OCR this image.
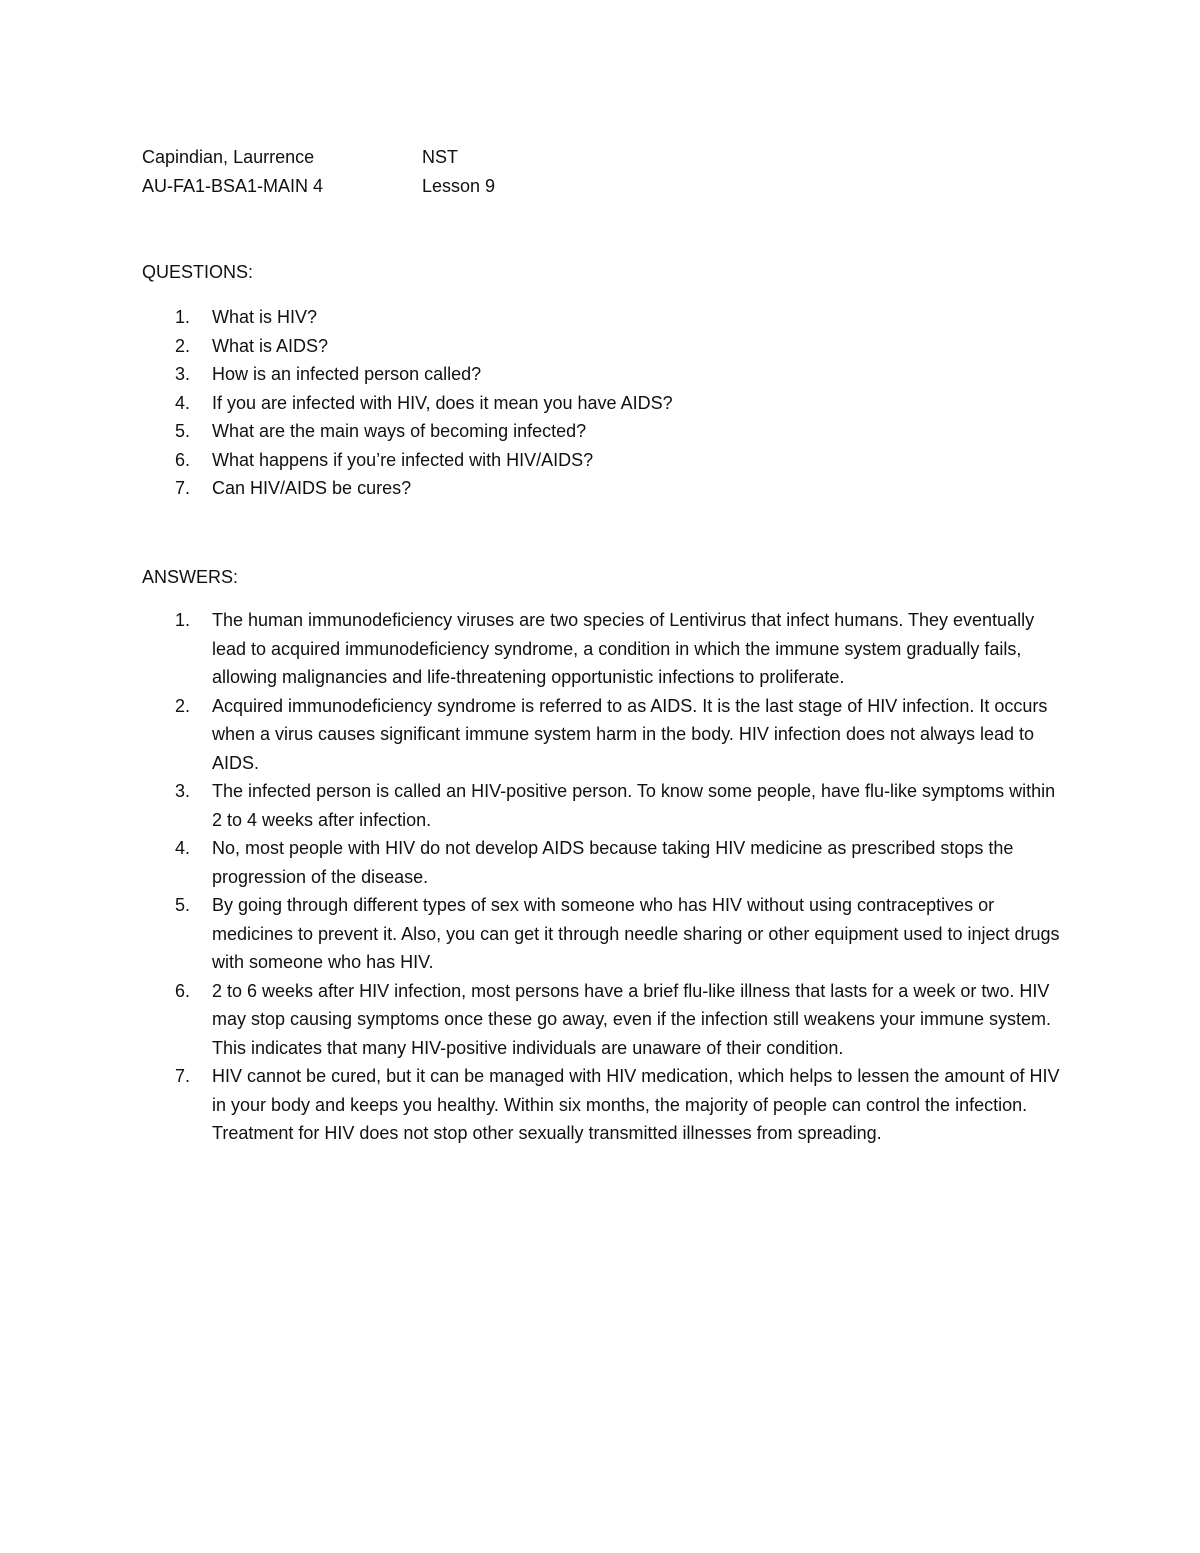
Capindian, Laurrence	NST
AU-FA1-BSA1-MAIN 4	Lesson 9
QUESTIONS:
1.	What is HIV?
2.	What is AIDS?
3.	How is an infected person called?
4.	If you are infected with HIV, does it mean you have AIDS?
5.	What are the main ways of becoming infected?
6.	What happens if you’re infected with HIV/AIDS?
7.	Can HIV/AIDS be cures?
ANSWERS:
1.	The human immunodeficiency viruses are two species of Lentivirus that infect humans. They eventually lead to acquired immunodeficiency syndrome, a condition in which the immune system gradually fails, allowing malignancies and life-threatening opportunistic infections to proliferate.
2.	Acquired immunodeficiency syndrome is referred to as AIDS. It is the last stage of HIV infection. It occurs when a virus causes significant immune system harm in the body. HIV infection does not always lead to AIDS.
3.	The infected person is called an HIV-positive person. To know some people, have flu-like symptoms within 2 to 4 weeks after infection.
4.	No, most people with HIV do not develop AIDS because taking HIV medicine as prescribed stops the progression of the disease.
5.	By going through different types of sex with someone who has HIV without using contraceptives or medicines to prevent it. Also, you can get it through needle sharing or other equipment used to inject drugs with someone who has HIV.
6.	2 to 6 weeks after HIV infection, most persons have a brief flu-like illness that lasts for a week or two. HIV may stop causing symptoms once these go away, even if the infection still weakens your immune system. This indicates that many HIV-positive individuals are unaware of their condition.
7.	HIV cannot be cured, but it can be managed with HIV medication, which helps to lessen the amount of HIV in your body and keeps you healthy. Within six months, the majority of people can control the infection. Treatment for HIV does not stop other sexually transmitted illnesses from spreading.
